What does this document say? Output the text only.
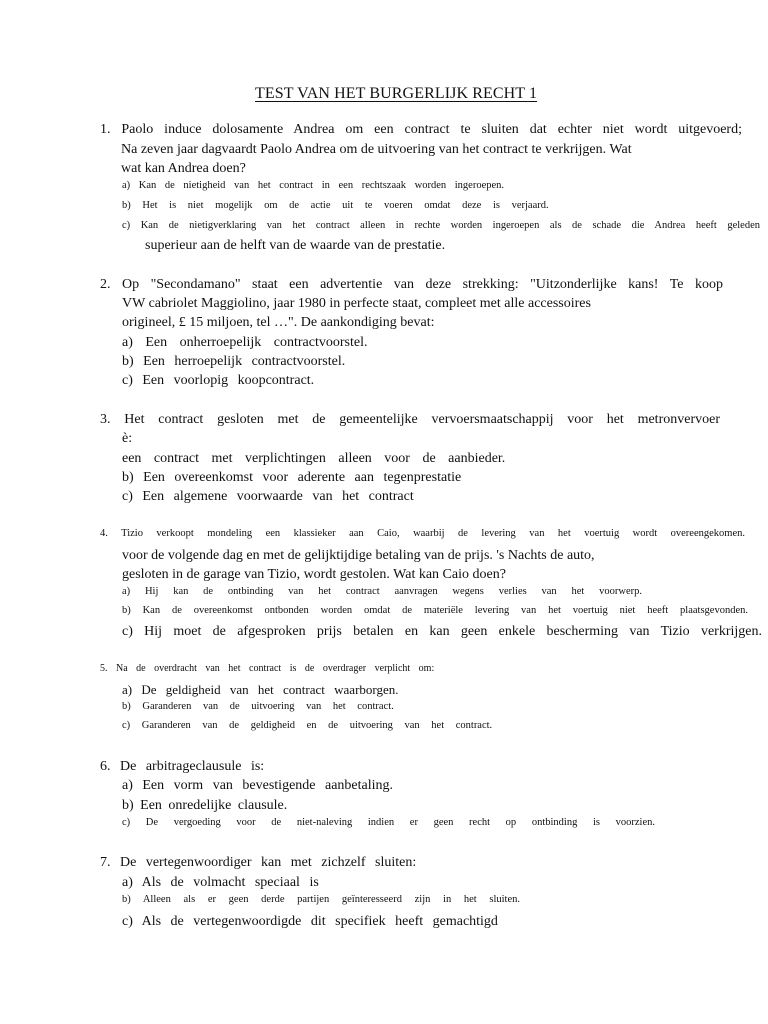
TEST VAN HET BURGERLIJK RECHT 1
1. Paolo induce dolosamente Andrea om een contract te sluiten dat echter niet wordt uitgevoerd;
Na zeven jaar dagvaardt Paolo Andrea om de uitvoering van het contract te verkrijgen. Wat
wat kan Andrea doen?
a) Kan de nietigheid van het contract in een rechtszaak worden ingeroepen.
b) Het is niet mogelijk om de actie uit te voeren omdat deze is verjaard.
c) Kan de nietigverklaring van het contract alleen in rechte worden ingeroepen als de schade die Andrea heeft geleden
superieur aan de helft van de waarde van de prestatie.
2. Op "Secondamano" staat een advertentie van deze strekking: "Uitzonderlijke kans! Te koop
VW cabriolet Maggiolino, jaar 1980 in perfecte staat, compleet met alle accessoires
origineel, £ 15 miljoen, tel …". De aankondiging bevat:
a) Een onherroepelijk contractvoorstel.
b) Een herroepelijk contractvoorstel.
c) Een voorlopig koopcontract.
3. Het contract gesloten met de gemeentelijke vervoersmaatschappij voor het metronvervoer
è:
een contract met verplichtingen alleen voor de aanbieder.
b) Een overeenkomst voor aderente aan tegenprestatie
c) Een algemene voorwaarde van het contract
4. Tizio verkoopt mondeling een klassieker aan Caio, waarbij de levering van het voertuig wordt overeengekomen.
voor de volgende dag en met de gelijktijdige betaling van de prijs. 's Nachts de auto,
gesloten in de garage van Tizio, wordt gestolen. Wat kan Caio doen?
a) Hij kan de ontbinding van het contract aanvragen wegens verlies van het voorwerp.
b) Kan de overeenkomst ontbonden worden omdat de materiële levering van het voertuig niet heeft plaatsgevonden.
c) Hij moet de afgesproken prijs betalen en kan geen enkele bescherming van Tizio verkrijgen.
5. Na de overdracht van het contract is de overdrager verplicht om:
a) De geldigheid van het contract waarborgen.
b) Garanderen van de uitvoering van het contract.
c) Garanderen van de geldigheid en de uitvoering van het contract.
6. De arbitrageclausule is:
a) Een vorm van bevestigende aanbetaling.
b) Een onredelijke clausule.
c) De vergoeding voor de niet-naleving indien er geen recht op ontbinding is voorzien.
7. De vertegenwoordiger kan met zichzelf sluiten:
a) Als de volmacht speciaal is
b) Alleen als er geen derde partijen geïnteresseerd zijn in het sluiten.
c) Als de vertegenwoordigde dit specifiek heeft gemachtigd
